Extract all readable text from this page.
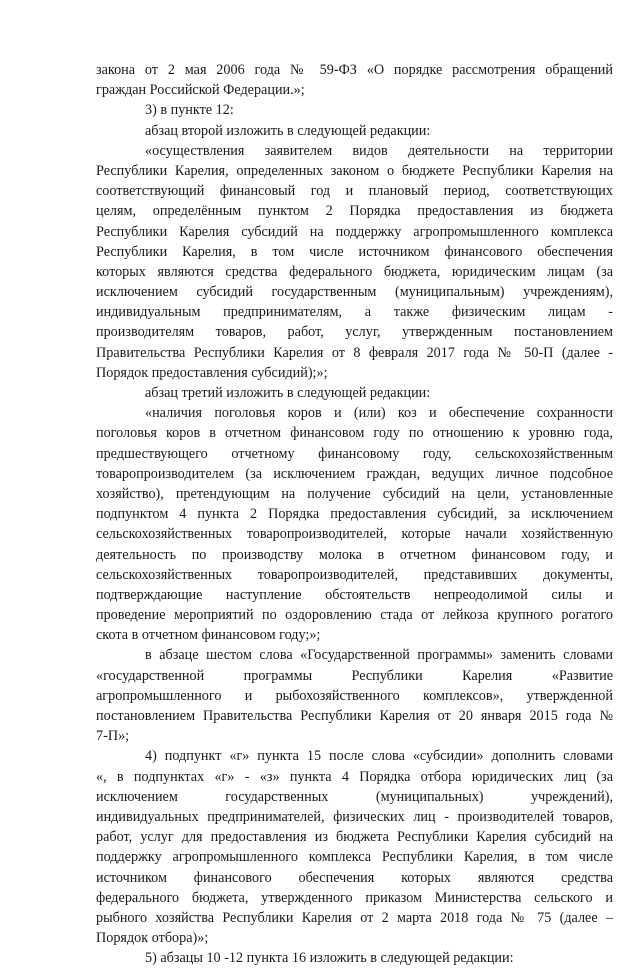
закона от 2 мая 2006 года № 59-ФЗ «О порядке рассмотрения обращений
граждан Российской Федерации.»;
3) в пункте 12:
абзац второй изложить в следующей редакции:
«осуществления заявителем видов деятельности на территории
Республики Карелия, определенных законом о бюджете Республики Карелия на
соответствующий финансовый год и плановый период, соответствующих
целям, определённым пунктом 2 Порядка предоставления из бюджета
Республики Карелия субсидий на поддержку агропромышленного комплекса
Республики Карелия, в том числе источником финансового обеспечения
которых являются средства федерального бюджета, юридическим лицам (за
исключением субсидий государственным (муниципальным) учреждениям),
индивидуальным предпринимателям, а также физическим лицам -
производителям товаров, работ, услуг, утвержденным постановлением
Правительства Республики Карелия от 8 февраля 2017 года № 50-П (далее -
Порядок предоставления субсидий);»;
абзац третий изложить в следующей редакции:
«наличия поголовья коров и (или) коз и обеспечение сохранности
поголовья коров в отчетном финансовом году по отношению к уровню года,
предшествующего отчетному финансовому году, сельскохозяйственным
товаропроизводителем (за исключением граждан, ведущих личное подсобное
хозяйство), претендующим на получение субсидий на цели, установленные
подпунктом 4 пункта 2 Порядка предоставления субсидий, за исключением
сельскохозяйственных товаропроизводителей, которые начали хозяйственную
деятельность по производству молока в отчетном финансовом году, и
сельскохозяйственных товаропроизводителей, представивших документы,
подтверждающие наступление обстоятельств непреодолимой силы и
проведение мероприятий по оздоровлению стада от лейкоза крупного рогатого
скота в отчетном финансовом году;»;
в абзаце шестом слова «Государственной программы» заменить словами
«государственной программы Республики Карелия «Развитие
агропромышленного и рыбохозяйственного комплексов», утвержденной
постановлением Правительства Республики Карелия от 20 января 2015 года №
7-П»;
4) подпункт «г» пункта 15 после слова «субсидии» дополнить словами
«, в подпунктах «г» - «з» пункта 4 Порядка отбора юридических лиц (за
исключением государственных (муниципальных) учреждений),
индивидуальных предпринимателей, физических лиц - производителей товаров,
работ, услуг для предоставления из бюджета Республики Карелия субсидий на
поддержку агропромышленного комплекса Республики Карелия, в том числе
источником финансового обеспечения которых являются средства
федерального бюджета, утвержденного приказом Министерства сельского и
рыбного хозяйства Республики Карелия от 2 марта 2018 года № 75 (далее –
Порядок отбора)»;
5) абзацы 10 -12 пункта 16 изложить в следующей редакции:
